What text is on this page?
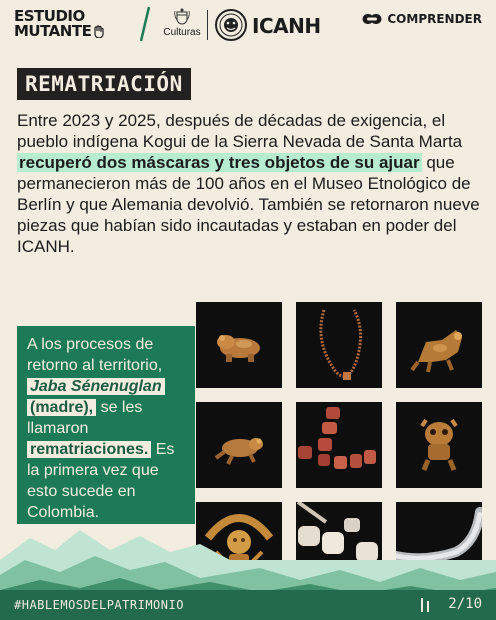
ESTUDIO
MUTANTE	Culturas	ICANH	COMPRENDER
REMATRIACIÓN

Entre 2023 y 2025, después de décadas de exigencia, el pueblo indígena Kogui de la Sierra Nevada de Santa Marta recuperó dos máscaras y tres objetos de su ajuar que permanecieron más de 100 años en el Museo Etnológico de Berlín y que Alemania devolvió. También se retornaron nueve piezas que habían sido incautadas y estaban en poder del ICANH.

A los procesos de retorno al territorio, Jaba Sénenuglan (madre), se les llamaron rematriaciones. Es la primera vez que esto sucede en Colombia.
#HABLEMOSDELPATRIMONIO	2/10
